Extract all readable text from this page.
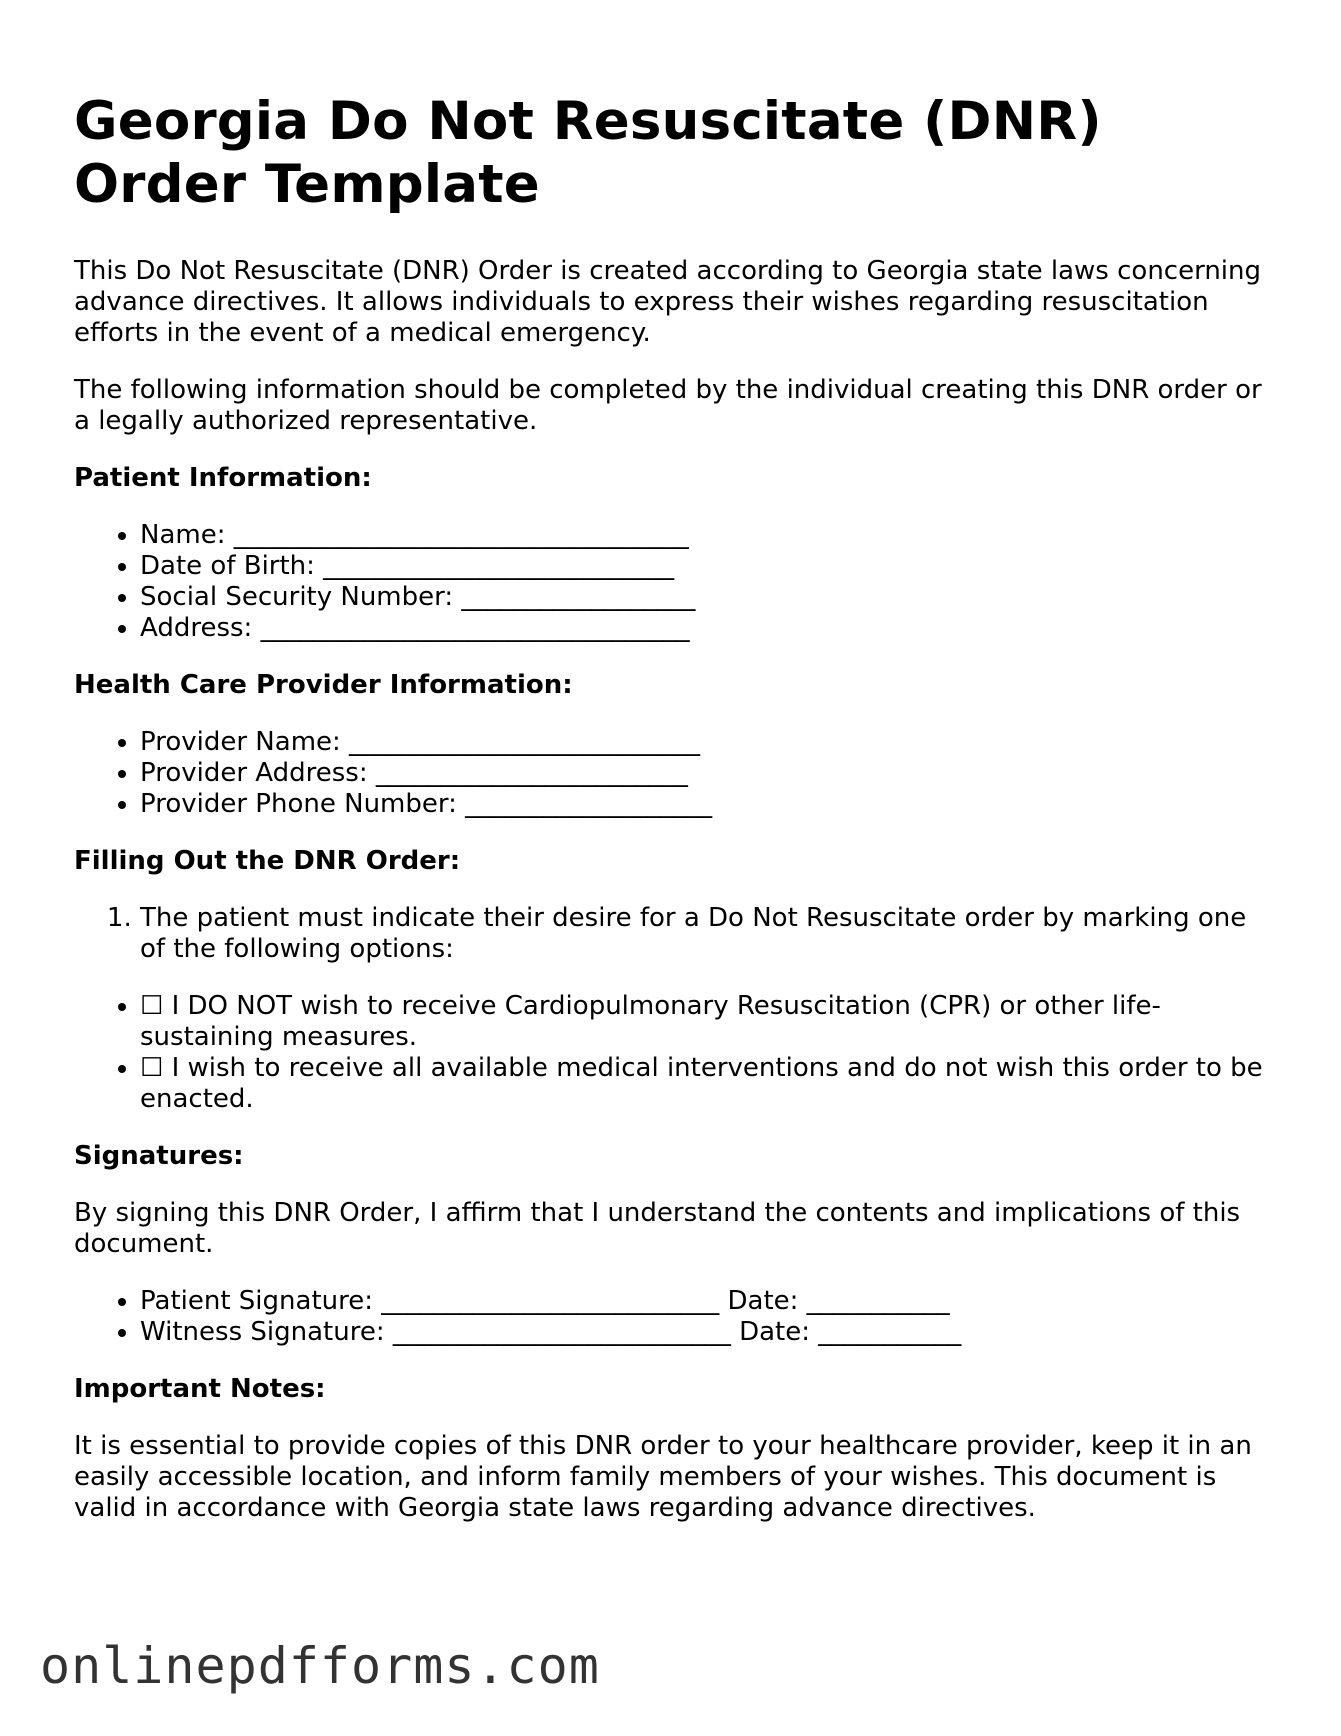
Georgia Do Not Resuscitate (DNR) Order Template

This Do Not Resuscitate (DNR) Order is created according to Georgia state laws concerning advance directives. It allows individuals to express their wishes regarding resuscitation efforts in the event of a medical emergency.

The following information should be completed by the individual creating this DNR order or a legally authorized representative.

Patient Information:
• Name: ___________________________________
• Date of Birth: ___________________________
• Social Security Number: __________________
• Address: _________________________________
Health Care Provider Information:
• Provider Name: ___________________________
• Provider Address: ________________________
• Provider Phone Number: ___________________
Filling Out the DNR Order:
1. The patient must indicate their desire for a Do Not Resuscitate order by marking one of the following options:
• ☐ I DO NOT wish to receive Cardiopulmonary Resuscitation (CPR) or other life-sustaining measures.
• ☐ I wish to receive all available medical interventions and do not wish this order to be enacted.
Signatures:

By signing this DNR Order, I affirm that I understand the contents and implications of this document.

• Patient Signature: __________________________ Date: ___________
• Witness Signature: __________________________ Date: ___________
Important Notes:

It is essential to provide copies of this DNR order to your healthcare provider, keep it in an easily accessible location, and inform family members of your wishes. This document is valid in accordance with Georgia state laws regarding advance directives.

onlinepdfforms.com
